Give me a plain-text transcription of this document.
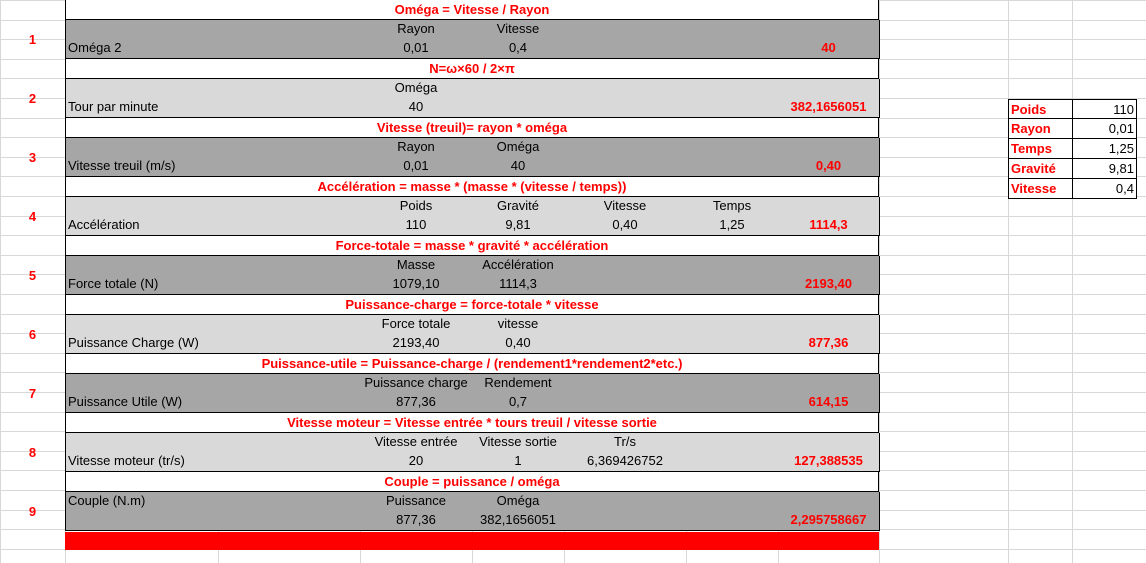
Oméga = Vitesse / Rayon
1
Rayon	Vitesse
Oméga 2	0,01	0,4	40
N=ω×60 / 2×π
2
Oméga
Tour par minute	40	382,1656051
Vitesse (treuil)= rayon * oméga
3
Rayon	Oméga
Vitesse treuil (m/s)	0,01	40	0,40
Accélération = masse * (masse * (vitesse / temps))
4
Poids	Gravité	Vitesse	Temps
Accélération	110	9,81	0,40	1,25	1114,3
Force-totale = masse * gravité * accélération
5
Masse	Accélération
Force totale (N)	1079,10	1114,3	2193,40
Puissance-charge = force-totale * vitesse
6
Force totale	vitesse
Puissance Charge (W)	2193,40	0,40	877,36
Puissance-utile = Puissance-charge / (rendement1*rendement2*etc.)
7
Puissance charge	Rendement
Puissance Utile (W)	877,36	0,7	614,15
Vitesse moteur = Vitesse entrée * tours treuil / vitesse sortie
8
Vitesse entrée	Vitesse sortie	Tr/s
Vitesse moteur (tr/s)	20	1	6,369426752	127,388535
Couple = puissance / oméga
9
Couple (N.m)	Puissance	Oméga
877,36	382,1656051	2,295758667
Poids	110
Rayon	0,01
Temps	1,25
Gravité	9,81
Vitesse	0,4
